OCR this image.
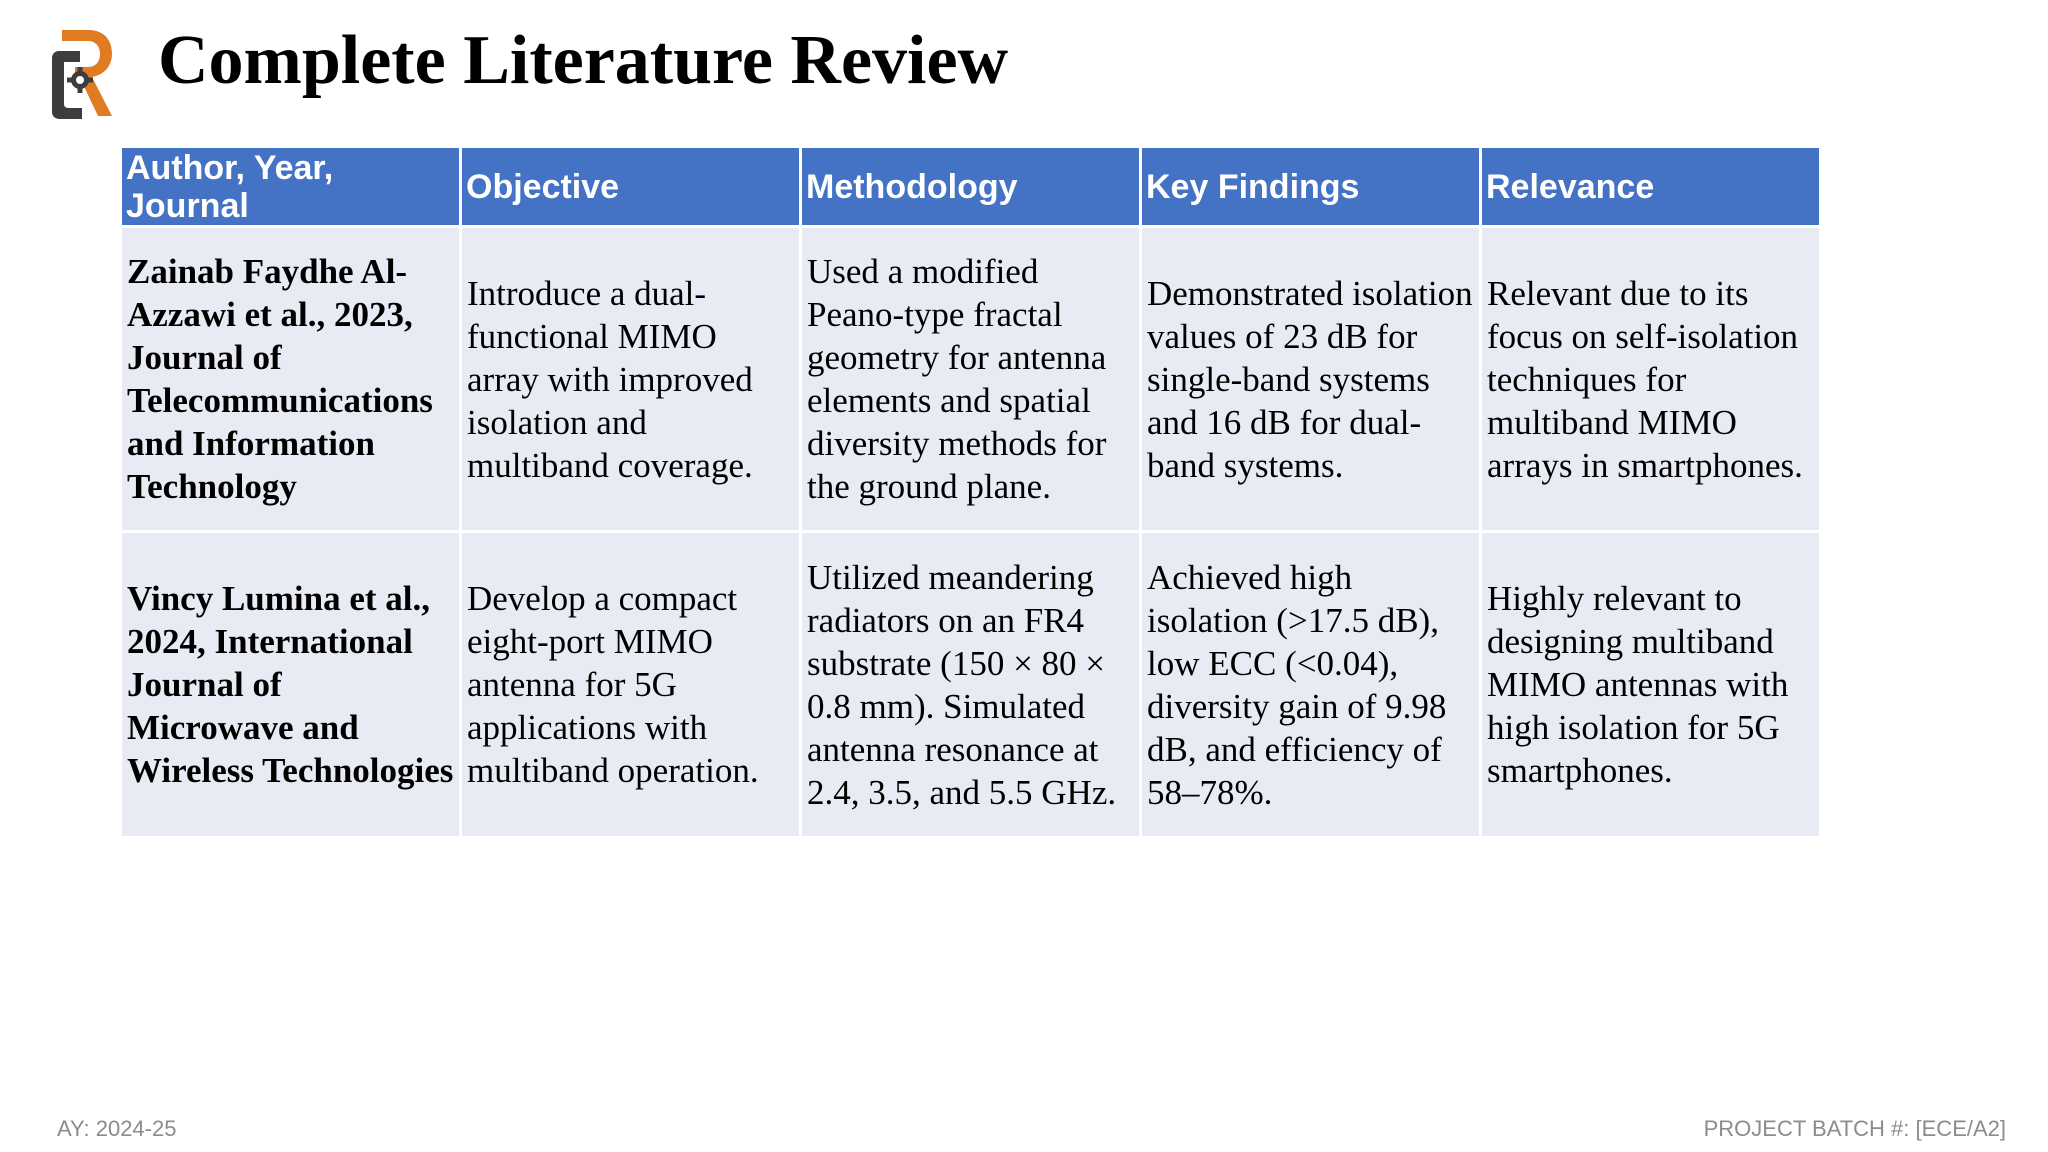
Complete Literature Review
Author, Year, Journal	Objective	Methodology	Key Findings	Relevance
Zainab Faydhe Al-Azzawi et al., 2023, Journal of Telecommunications and Information Technology	Introduce a dual-functional MIMO array with improved isolation and multiband coverage.	Used a modified Peano-type fractal geometry for antenna elements and spatial diversity methods for the ground plane.	Demonstrated isolation values of 23 dB for single-band systems and 16 dB for dual-band systems.	Relevant due to its focus on self-isolation techniques for multiband MIMO arrays in smartphones.
Vincy Lumina et al., 2024, International Journal of Microwave and Wireless Technologies	Develop a compact eight-port MIMO antenna for 5G applications with multiband operation.	Utilized meandering radiators on an FR4 substrate (150 × 80 × 0.8 mm). Simulated antenna resonance at 2.4, 3.5, and 5.5 GHz.	Achieved high isolation (>17.5 dB), low ECC (<0.04), diversity gain of 9.98 dB, and efficiency of 58–78%.	Highly relevant to designing multiband MIMO antennas with high isolation for 5G smartphones.
AY: 2024-25	PROJECT BATCH #: [ECE/A2]
